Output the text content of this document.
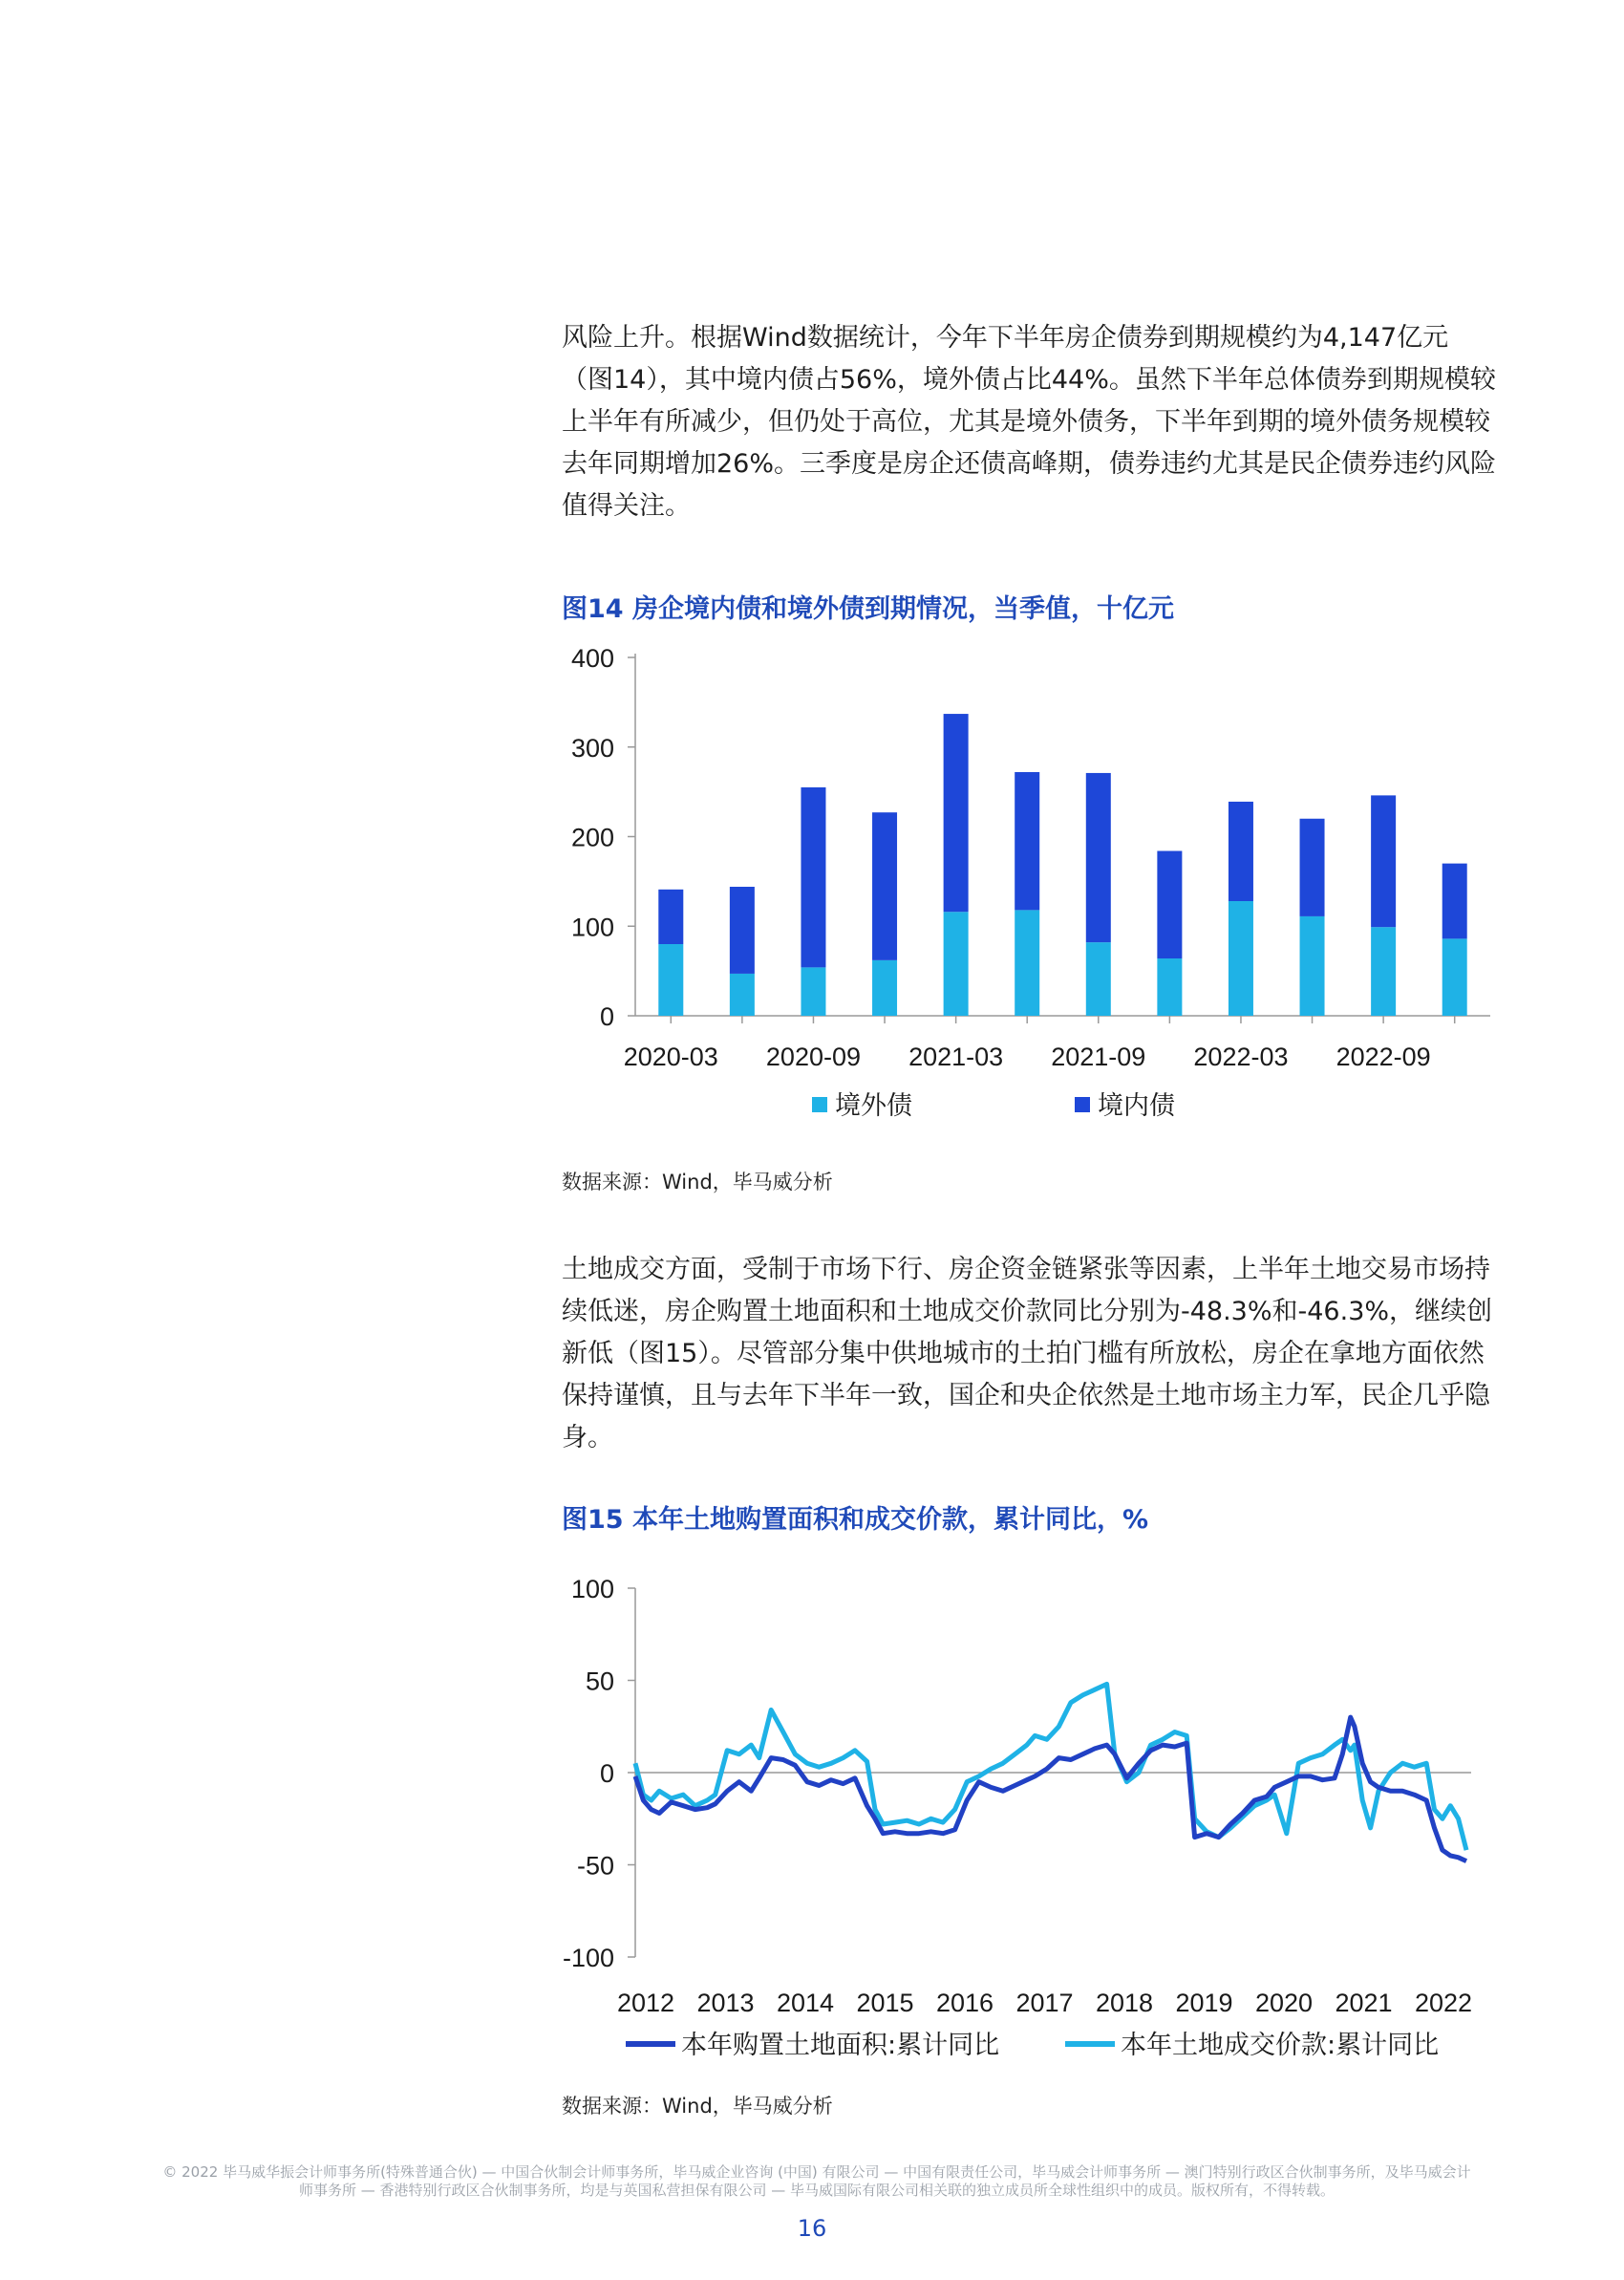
风险上升。根据Wind数据统计，今年下半年房企债券到期规模约为4,147亿元（图14），其中境内债占56%，境外债占比44%。虽然下半年总体债券到期规模较上半年有所减少，但仍处于高位，尤其是境外债务，下半年到期的境外债务规模较去年同期增加26%。三季度是房企还债高峰期，债券违约尤其是民企债券违约风险值得关注。

图14 房企境内债和境外债到期情况，当季值，十亿元

0
100
200
300
400
2020-03 2020-09 2021-03 2021-09 2022-03 2022-09
境外债	境内债
数据来源：Wind，毕马威分析

土地成交方面，受制于市场下行、房企资金链紧张等因素，上半年土地交易市场持续低迷，房企购置土地面积和土地成交价款同比分别为-48.3%和-46.3%，继续创新低（图15）。尽管部分集中供地城市的土拍门槛有所放松，房企在拿地方面依然保持谨慎，且与去年下半年一致，国企和央企依然是土地市场主力军，民企几乎隐身。

图15 本年土地购置面积和成交价款，累计同比，%

100
50
0
-50
-100
2012 2013 2014 2015 2016 2017 2018 2019 2020 2021 2022
本年购置土地面积:累计同比	本年土地成交价款:累计同比
数据来源：Wind，毕马威分析

© 2022 毕马威华振会计师事务所(特殊普通合伙) — 中国合伙制会计师事务所，毕马威企业咨询 (中国) 有限公司 — 中国有限责任公司，毕马威会计师事务所 — 澳门特别行政区合伙制事务所，及毕马威会计师事务所 — 香港特别行政区合伙制事务所，均是与英国私营担保有限公司 — 毕马威国际有限公司相关联的独立成员所全球性组织中的成员。版权所有，不得转载。

16
